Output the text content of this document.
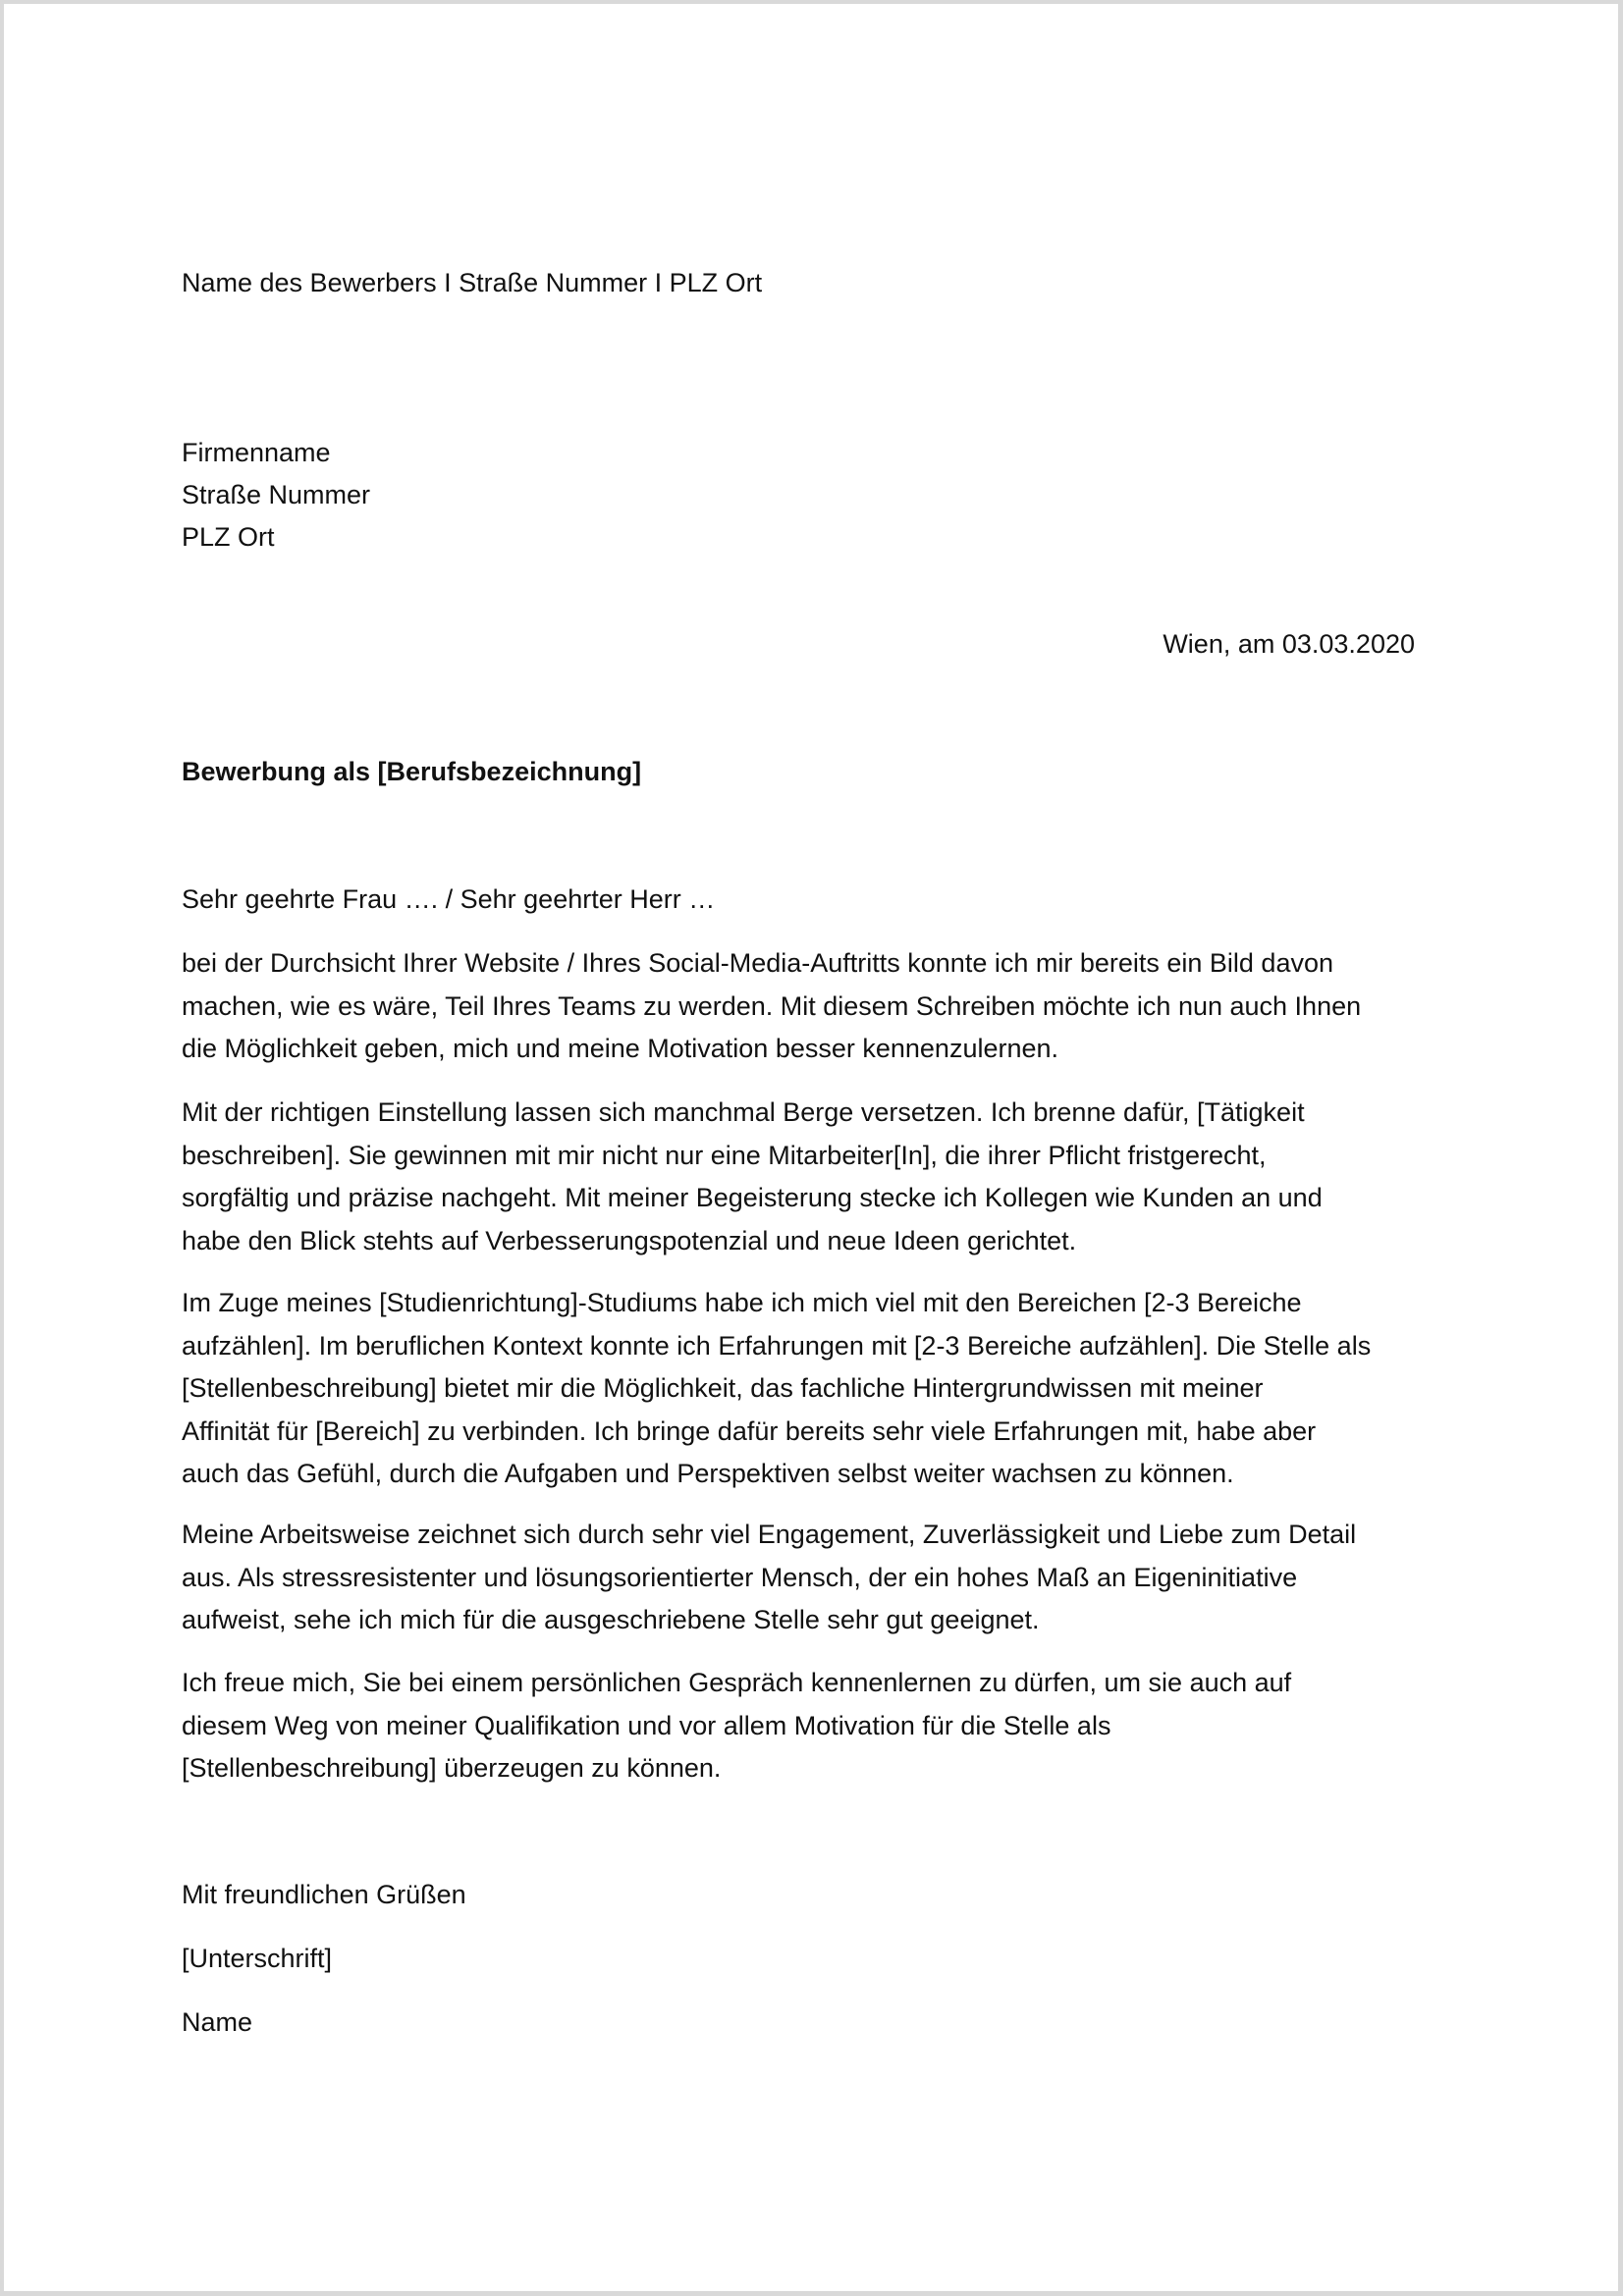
Name des Bewerbers I Straße Nummer I PLZ Ort
Firmenname
Straße Nummer
PLZ Ort
Wien, am 03.03.2020
Bewerbung als [Berufsbezeichnung]
Sehr geehrte Frau …. / Sehr geehrter Herr …
bei der Durchsicht Ihrer Website / Ihres Social-Media-Auftritts konnte ich mir bereits ein Bild davon
machen, wie es wäre, Teil Ihres Teams zu werden. Mit diesem Schreiben möchte ich nun auch Ihnen
die Möglichkeit geben, mich und meine Motivation besser kennenzulernen.
Mit der richtigen Einstellung lassen sich manchmal Berge versetzen. Ich brenne dafür, [Tätigkeit
beschreiben]. Sie gewinnen mit mir nicht nur eine Mitarbeiter[In], die ihrer Pflicht fristgerecht,
sorgfältig und präzise nachgeht. Mit meiner Begeisterung stecke ich Kollegen wie Kunden an und
habe den Blick stehts auf Verbesserungspotenzial und neue Ideen gerichtet.
Im Zuge meines [Studienrichtung]-Studiums habe ich mich viel mit den Bereichen [2-3 Bereiche
aufzählen]. Im beruflichen Kontext konnte ich Erfahrungen mit [2-3 Bereiche aufzählen]. Die Stelle als
[Stellenbeschreibung] bietet mir die Möglichkeit, das fachliche Hintergrundwissen mit meiner
Affinität für [Bereich] zu verbinden. Ich bringe dafür bereits sehr viele Erfahrungen mit, habe aber
auch das Gefühl, durch die Aufgaben und Perspektiven selbst weiter wachsen zu können.
Meine Arbeitsweise zeichnet sich durch sehr viel Engagement, Zuverlässigkeit und Liebe zum Detail
aus. Als stressresistenter und lösungsorientierter Mensch, der ein hohes Maß an Eigeninitiative
aufweist, sehe ich mich für die ausgeschriebene Stelle sehr gut geeignet.
Ich freue mich, Sie bei einem persönlichen Gespräch kennenlernen zu dürfen, um sie auch auf
diesem Weg von meiner Qualifikation und vor allem Motivation für die Stelle als
[Stellenbeschreibung] überzeugen zu können.
Mit freundlichen Grüßen
[Unterschrift]
Name
